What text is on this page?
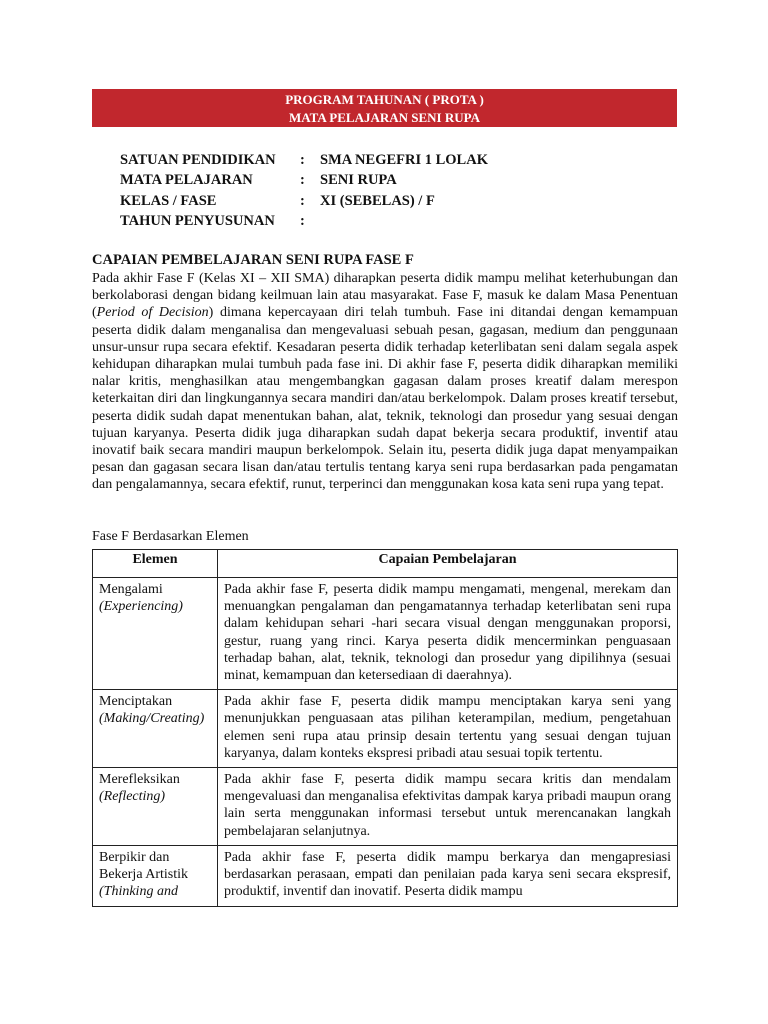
PROGRAM TAHUNAN ( PROTA )
MATA PELAJARAN SENI RUPA
SATUAN PENDIDIKAN	:	SMA NEGEFRI 1 LOLAK
MATA PELAJARAN	:	SENI RUPA
KELAS / FASE	:	XI (SEBELAS) / F
TAHUN PENYUSUNAN	:
CAPAIAN PEMBELAJARAN SENI RUPA FASE F

Pada akhir Fase F (Kelas XI – XII SMA) diharapkan peserta didik mampu melihat keterhubungan dan berkolaborasi dengan bidang keilmuan lain atau masyarakat. Fase F, masuk ke dalam Masa Penentuan (Period of Decision) dimana kepercayaan diri telah tumbuh. Fase ini ditandai dengan kemampuan peserta didik dalam menganalisa dan mengevaluasi sebuah pesan, gagasan, medium dan penggunaan unsur-unsur rupa secara efektif. Kesadaran peserta didik terhadap keterlibatan seni dalam segala aspek kehidupan diharapkan mulai tumbuh pada fase ini. Di akhir fase F, peserta didik diharapkan memiliki nalar kritis, menghasilkan atau mengembangkan gagasan dalam proses kreatif dalam merespon keterkaitan diri dan lingkungannya secara mandiri dan/atau berkelompok. Dalam proses kreatif tersebut, peserta didik sudah dapat menentukan bahan, alat, teknik, teknologi dan prosedur yang sesuai dengan tujuan karyanya. Peserta didik juga diharapkan sudah dapat bekerja secara produktif, inventif atau inovatif baik secara mandiri maupun berkelompok. Selain itu, peserta didik juga dapat menyampaikan pesan dan gagasan secara lisan dan/atau tertulis tentang karya seni rupa berdasarkan pada pengamatan dan pengalamannya, secara efektif, runut, terperinci dan menggunakan kosa kata seni rupa yang tepat.

Fase F Berdasarkan Elemen
Elemen	Capaian Pembelajaran

Mengalami
(Experiencing)	Pada akhir fase F, peserta didik mampu mengamati, mengenal, merekam dan menuangkan pengalaman dan pengamatannya terhadap keterlibatan seni rupa dalam kehidupan sehari -hari secara visual dengan menggunakan proporsi, gestur, ruang yang rinci. Karya peserta didik mencerminkan penguasaan terhadap bahan, alat, teknik, teknologi dan prosedur yang dipilihnya (sesuai minat, kemampuan dan ketersediaan di daerahnya).

Menciptakan
(Making/Creating)	Pada akhir fase F, peserta didik mampu menciptakan karya seni yang menunjukkan penguasaan atas pilihan keterampilan, medium, pengetahuan elemen seni rupa atau prinsip desain tertentu yang sesuai dengan tujuan karyanya, dalam konteks ekspresi pribadi atau sesuai topik tertentu.

Merefleksikan
(Reflecting)	Pada akhir fase F, peserta didik mampu secara kritis dan mendalam mengevaluasi dan menganalisa efektivitas dampak karya pribadi maupun orang lain serta menggunakan informasi tersebut untuk merencanakan langkah pembelajaran selanjutnya.

Berpikir dan Bekerja Artistik
(Thinking and	Pada akhir fase F, peserta didik mampu berkarya dan mengapresiasi berdasarkan perasaan, empati dan penilaian pada karya seni secara ekspresif, produktif, inventif dan inovatif. Peserta didik mampu
